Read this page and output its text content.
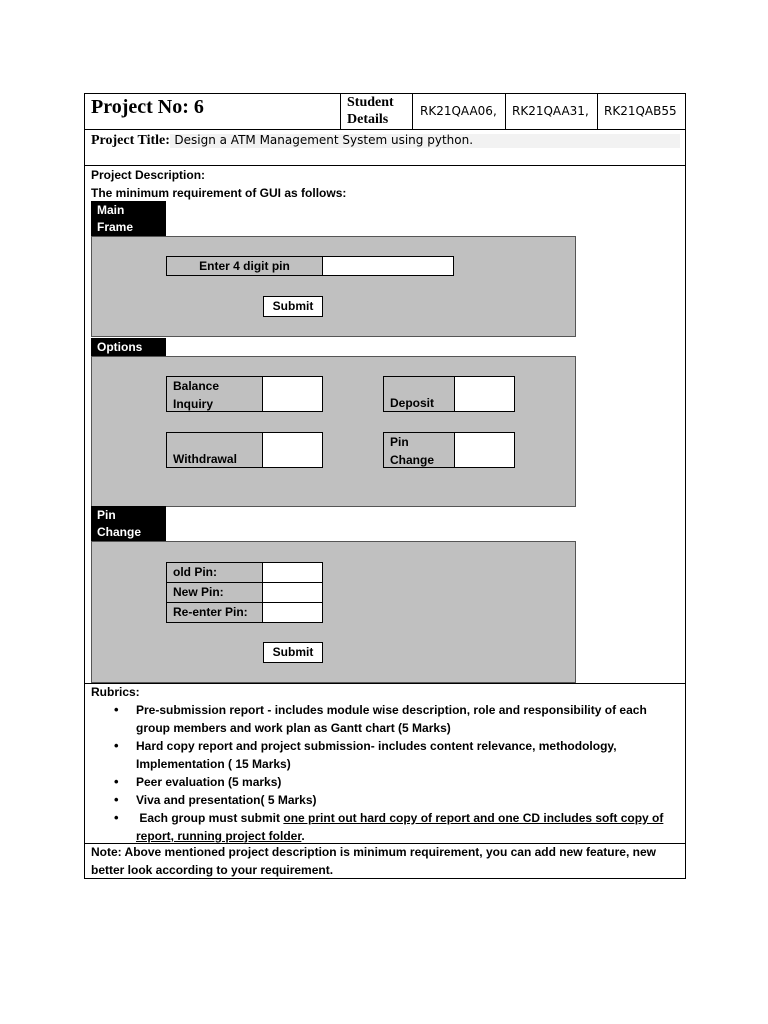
Project No: 6	Student Details
RK21QAA06, RK21QAA31, RK21QAB55
Project Title: Design a ATM Management System using python.
Project Description:
The minimum requirement of GUI as follows:
Main
Frame
Enter 4 digit pin
Submit
Options
Balance
Inquiry	Deposit
Withdrawal
Pin
Change
Pin
Change
old Pin:
New Pin:
Re-enter Pin:
Submit
Rubrics:
• Pre-submission report - includes module wise description, role and responsibility of each group members and work plan as Gantt chart (5 Marks)
• Hard copy report and project submission- includes content relevance, methodology, Implementation ( 15 Marks)
• Peer evaluation (5 marks)
• Viva and presentation( 5 Marks)
•  Each group must submit one print out hard copy of report and one CD includes soft copy of report, running project folder.
Note: Above mentioned project description is minimum requirement, you can add new feature, new better look according to your requirement.
